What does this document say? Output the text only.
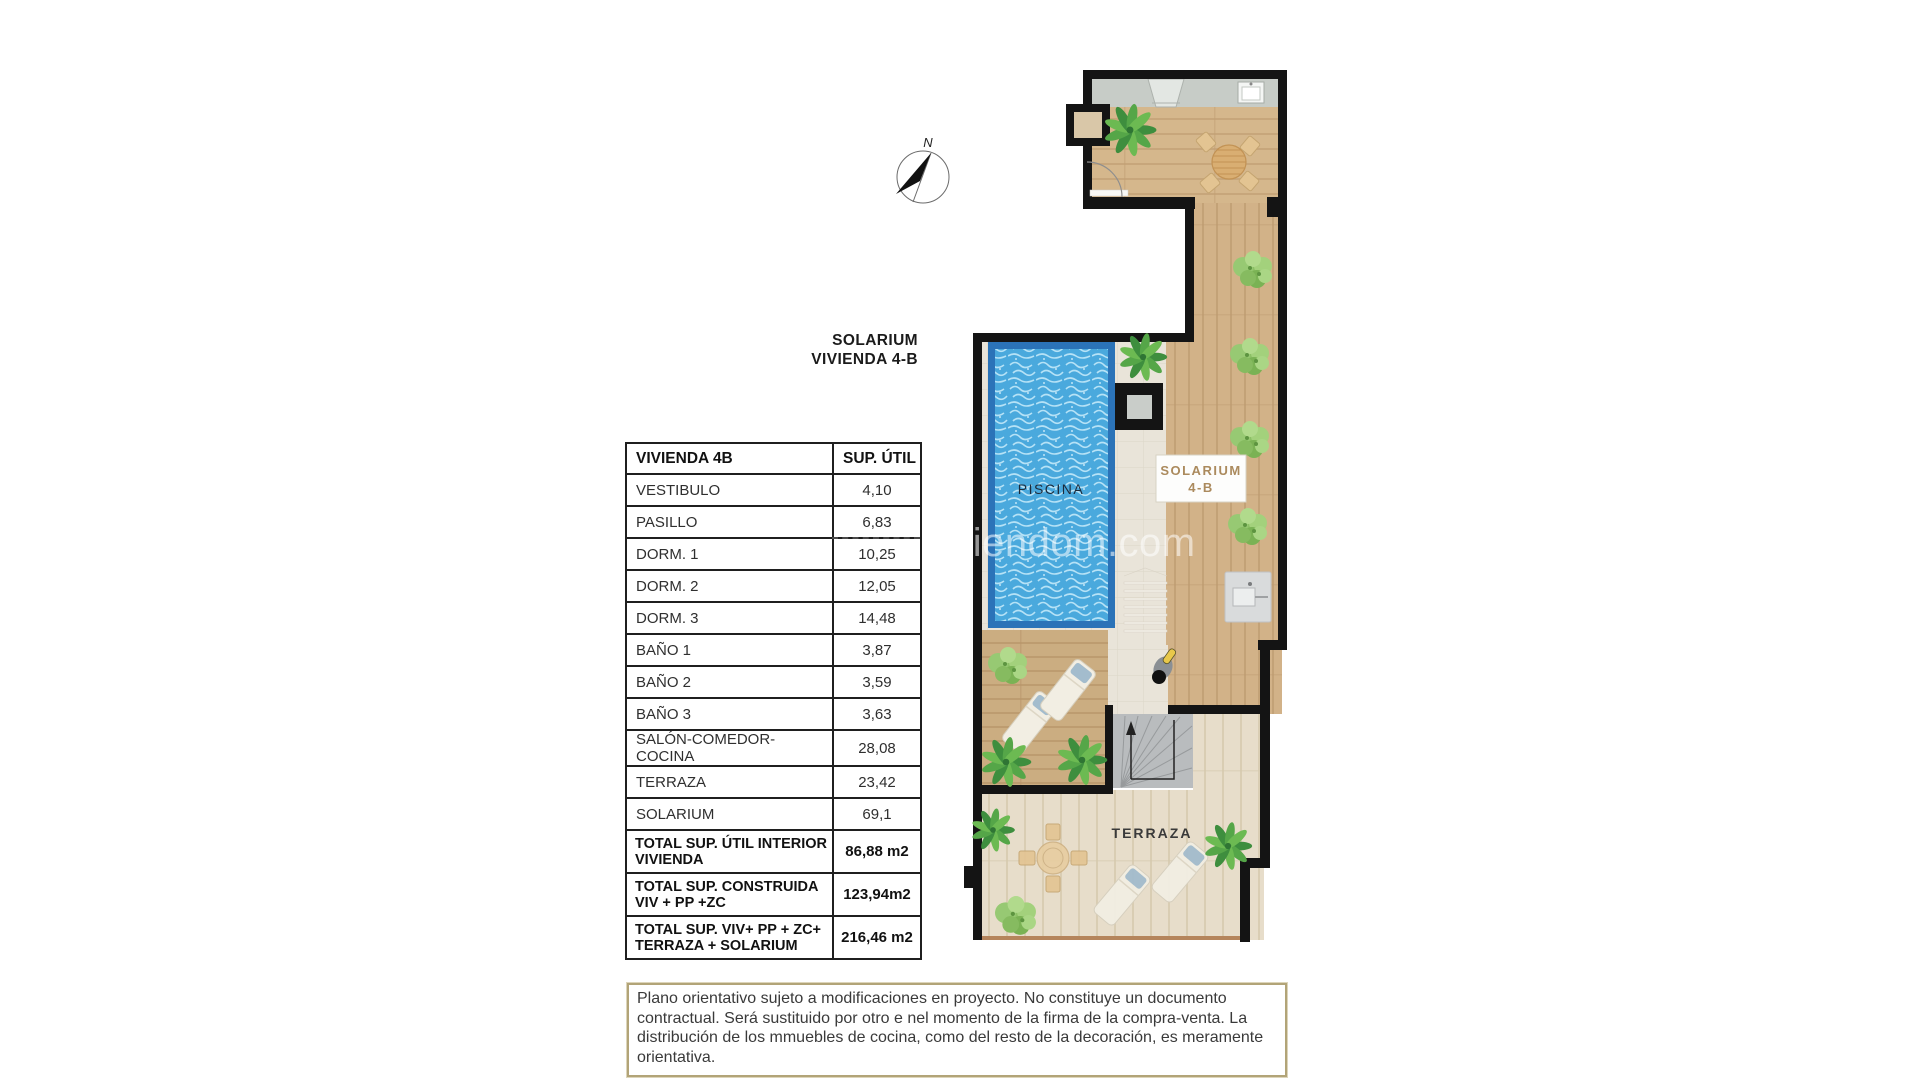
SOLARIUM
VIVIENDA 4-B
VIVIENDA 4B	SUP. ÚTIL
VESTIBULO	4,10
PASILLO	6,83
DORM. 1	10,25
DORM. 2	12,05
DORM. 3	14,48
BAÑO 1	3,87
BAÑO 2	3,59
BAÑO 3	3,63
SALÓN-COMEDOR-COCINA	28,08
TERRAZA	23,42
SOLARIUM	69,1
TOTAL SUP. ÚTIL INTERIOR VIVIENDA	86,88 m2
TOTAL SUP. CONSTRUIDA VIV + PP +ZC	123,94m2
TOTAL SUP. VIV+ PP + ZC+ TERRAZA + SOLARIUM	216,46 m2
PISCINA
SOLARIUM
4-B
TERRAZA
N
eiendom.com
Plano orientativo sujeto a modificaciones en proyecto. No constituye un documento contractual. Será sustituido por otro e nel momento de la firma de la compra-venta. La distribución de los mmuebles de cocina, como del resto de la decoración, es meramente orientativa.
